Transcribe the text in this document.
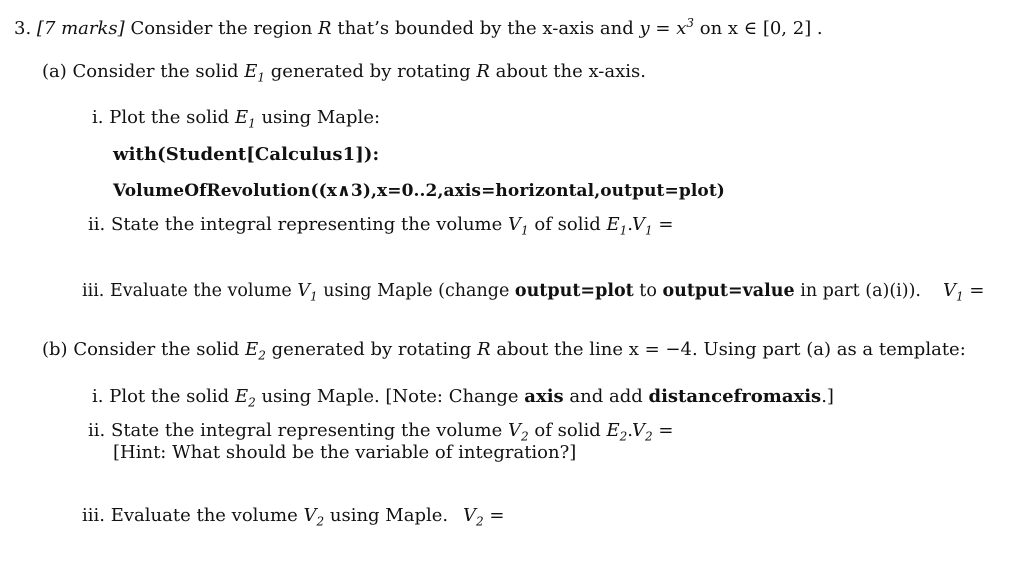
3. [7 marks] Consider the region R that’s bounded by the x-axis and $y = x^3$ on x ∈ [0, 2] .
(a) Consider the solid $E_1$ generated by rotating R about the x-axis.
i. Plot the solid $E_1$ using Maple:
with(Student[Calculus1]):
VolumeOfRevolution((x∧3),x=0..2,axis=horizontal,output=plot)
ii. State the integral representing the volume $V_1$ of solid $E_1$. $V_1$ =
iii. Evaluate the volume $V_1$ using Maple (change output=plot to output=value in part (a)(i)). $V_1$ =
(b) Consider the solid $E_2$ generated by rotating R about the line x = −4. Using part (a) as a template:
i. Plot the solid $E_2$ using Maple. [Note: Change axis and add distancefromaxis.]
ii. State the integral representing the volume $V_2$ of solid $E_2$. $V_2$ =
[Hint: What should be the variable of integration?]
iii. Evaluate the volume $V_2$ using Maple. $V_2$ =
